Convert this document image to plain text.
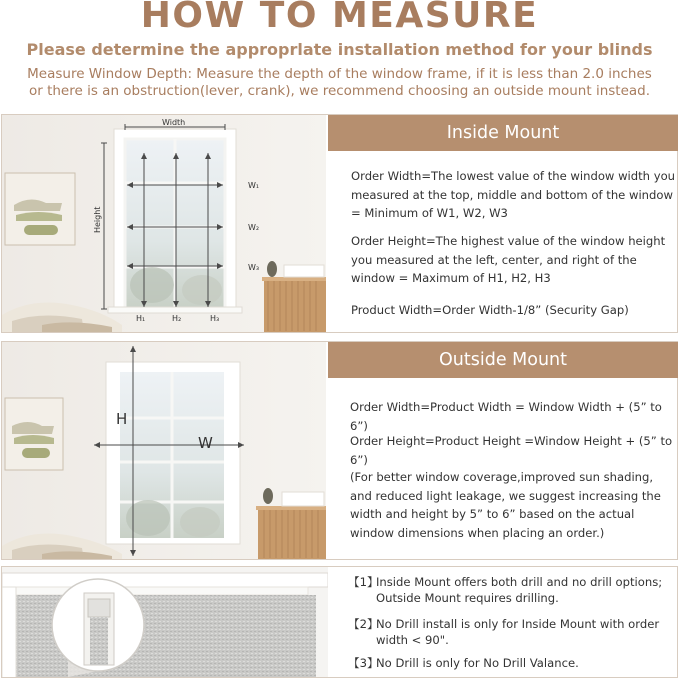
HOW TO MEASURE
Please determine the approprlate installation method for your blinds
Measure Window Depth: Measure the depth of the window frame, if it is less than 2.0 inches
or there is an obstruction(lever, crank), we recommend choosing an outside mount instead.
Width
Height
W₁
W₂
W₃
H₁	H₂	H₃
Inside Mount
Order Width=The lowest value of the window width you measured at the top, middle and bottom of the window = Minimum of W1, W2, W3
Order Height=The highest value of the window height you measured at the left, center, and right of the window = Maximum of H1, H2, H3
Product Width=Order Width-1/8” (Security Gap)
H
W
Outside Mount
Order Width=Product Width = Window Width + (5” to 6”)
Order Height=Product Height =Window Height + (5” to 6”)
(For better window coverage,improved sun shading, and reduced light leakage, we suggest increasing the width and height by 5” to 6” based on the actual window dimensions when placing an order.)
【1】
Inside Mount offers both drill and no drill options; Outside Mount requires drilling.
【2】
No Drill install is only for Inside Mount with order width < 90".
【3】
No Drill is only for No Drill Valance.
